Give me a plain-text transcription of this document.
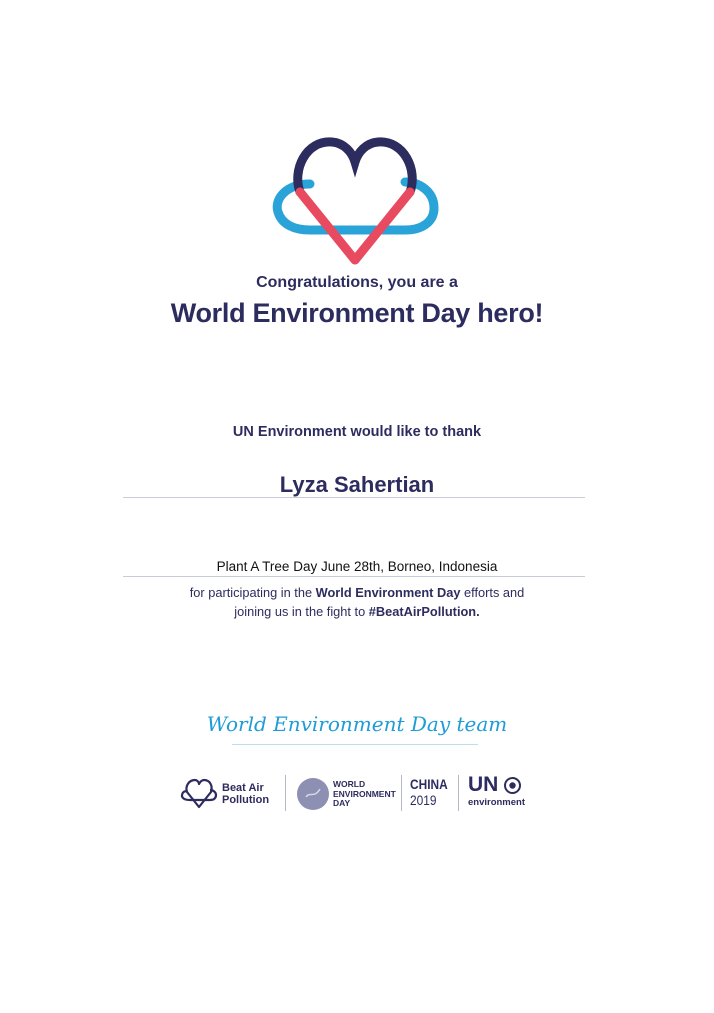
Congratulations, you are a
World Environment Day hero!
UN Environment would like to thank
Lyza Sahertian
Plant A Tree Day June 28th, Borneo, Indonesia
for participating in the World Environment Day efforts and
joining us in the fight to #BeatAirPollution.
World Environment Day team
Beat Air
Pollution
WORLD
ENVIRONMENT
DAY
CHINA
2019
UN
environment
